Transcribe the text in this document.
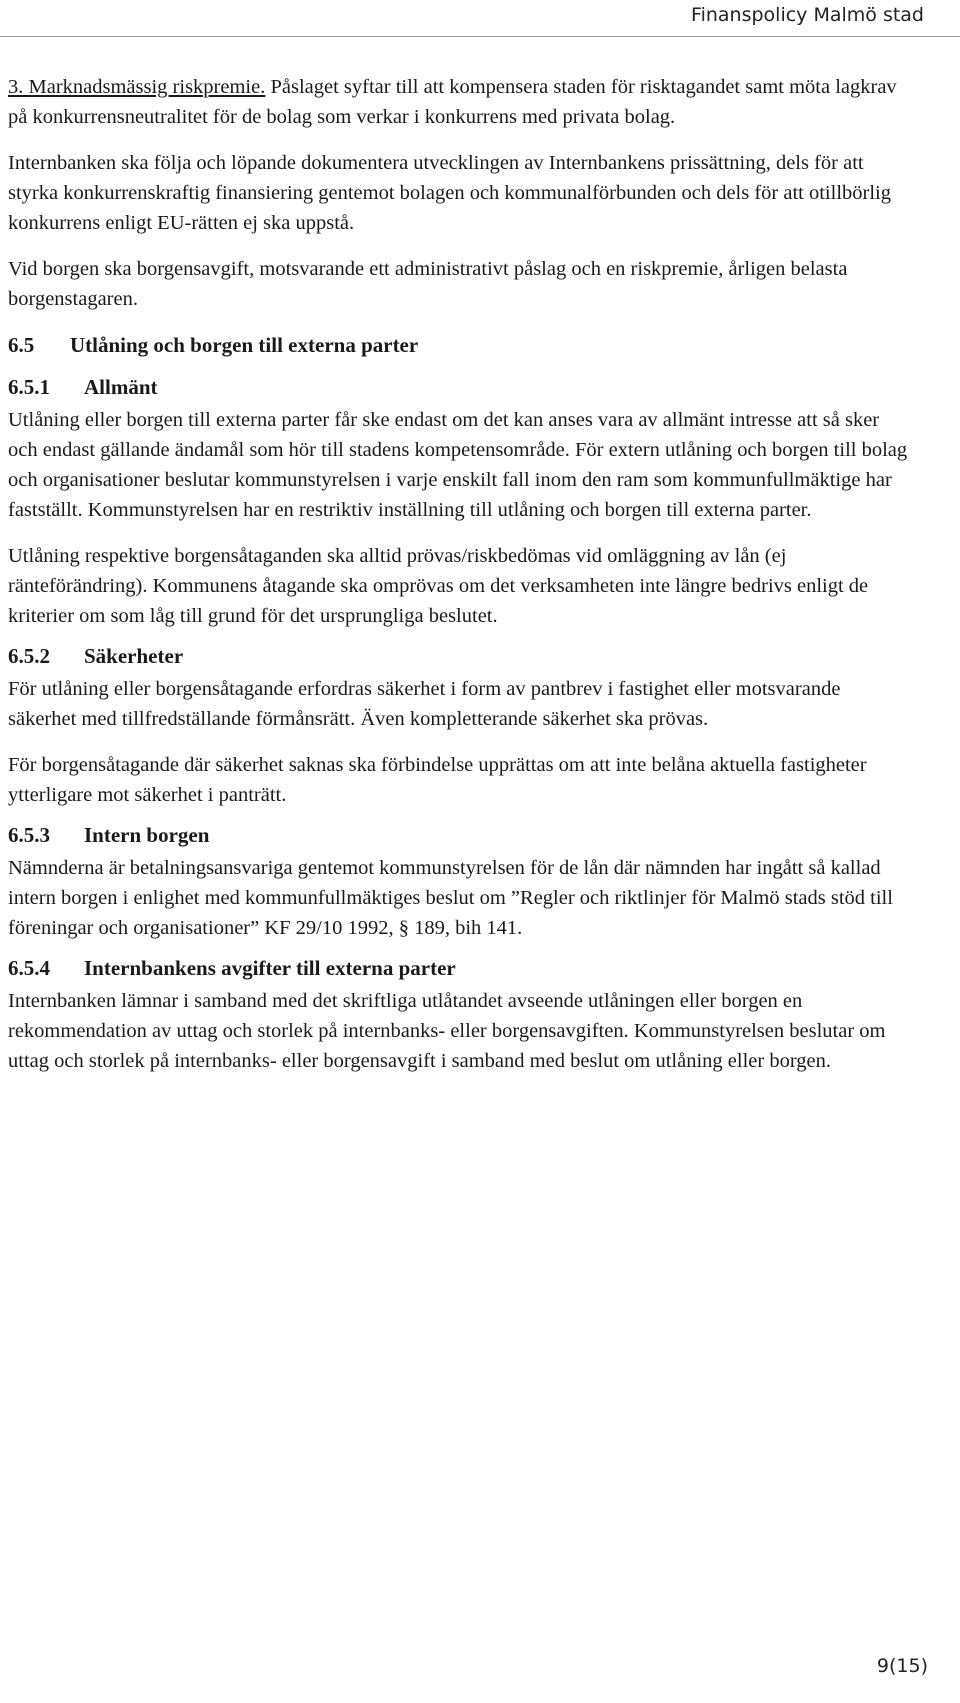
Finanspolicy Malmö stad

3. Marknadsmässig riskpremie. Påslaget syftar till att kompensera staden för risktagandet samt möta lagkrav på konkurrensneutralitet för de bolag som verkar i konkurrens med privata bolag.

Internbanken ska följa och löpande dokumentera utvecklingen av Internbankens prissättning, dels för att styrka konkurrenskraftig finansiering gentemot bolagen och kommunalförbunden och dels för att otillbörlig konkurrens enligt EU-rätten ej ska uppstå.

Vid borgen ska borgensavgift, motsvarande ett administrativt påslag och en riskpremie, årligen belasta borgenstagaren.

6.5 Utlåning och borgen till externa parter
6.5.1 Allmänt

Utlåning eller borgen till externa parter får ske endast om det kan anses vara av allmänt intresse att så sker och endast gällande ändamål som hör till stadens kompetensområde. För extern utlåning och borgen till bolag och organisationer beslutar kommunstyrelsen i varje enskilt fall inom den ram som kommunfullmäktige har fastställt. Kommunstyrelsen har en restriktiv inställning till utlåning och borgen till externa parter.

Utlåning respektive borgensåtaganden ska alltid prövas/riskbedömas vid omläggning av lån (ej ränteförändring). Kommunens åtagande ska omprövas om det verksamheten inte längre bedrivs enligt de kriterier om som låg till grund för det ursprungliga beslutet.

6.5.2 Säkerheter

För utlåning eller borgensåtagande erfordras säkerhet i form av pantbrev i fastighet eller motsvarande säkerhet med tillfredställande förmånsrätt. Även kompletterande säkerhet ska prövas.

För borgensåtagande där säkerhet saknas ska förbindelse upprättas om att inte belåna aktuella fastigheter ytterligare mot säkerhet i panträtt.

6.5.3 Intern borgen

Nämnderna är betalningsansvariga gentemot kommunstyrelsen för de lån där nämnden har ingått så kallad intern borgen i enlighet med kommunfullmäktiges beslut om ”Regler och riktlinjer för Malmö stads stöd till föreningar och organisationer” KF 29/10 1992, § 189, bih 141.

6.5.4 Internbankens avgifter till externa parter

Internbanken lämnar i samband med det skriftliga utlåtandet avseende utlåningen eller borgen en rekommendation av uttag och storlek på internbanks- eller borgensavgiften. Kommunstyrelsen beslutar om uttag och storlek på internbanks- eller borgensavgift i samband med beslut om utlåning eller borgen.

9(15)
